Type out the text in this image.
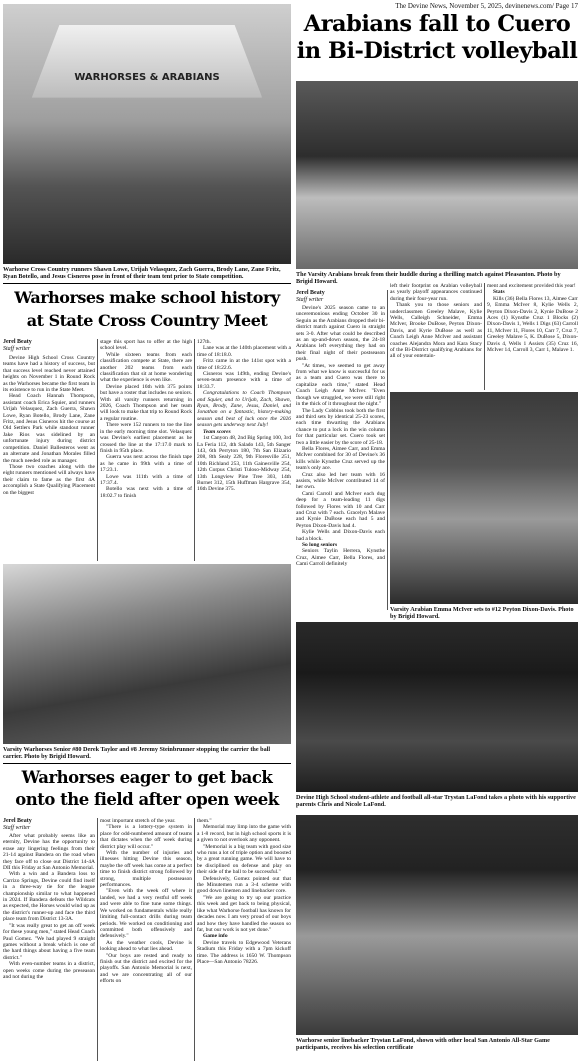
The Devine News, November 5, 2025, devinenews.com/ Page 17
WARHORSES & ARABIANS
Warhorse Cross Country runners Shawn Lowe, Urijah Velasquez, Zach Guerra, Brody Lane, Zane Fritz, Ryan Botello, and Jesus Cisneros pose in front of their team tent prior to State competition.
Arabians fall to Cuero
in Bi-District volleyball
The Varsity Arabians break from their huddle during a thrilling match against Pleasanton. Photo by Brigid Howard.
Jerel Beaty
Staff writer

Devine's 2025 season came to an unceremonious ending October 30 in Seguin as the Arabians dropped their bi-district match against Cuero in straight sets 3-0. After what could be described as an up-and-down season, the 24-18 Arabians left everything they had on their final night of their postseason push.

"At times, we seemed to get away from what we know is successful for us as a team and Cuero was there to capitalize each time," stated Head Coach Leigh Anne McIver. "Even though we struggled, we were still right in the thick of it throughout the night."

The Lady Cobbins took both the first and third sets by identical 25-23 scores, each time thwarting the Arabians chance to put a lock in the win column for that particular set. Cuero took set two a little easier by the score of 25-18.

Bella Flores, Aimee Carr, and Emma McIver combined for 30 of Devine's 36 kills while Kynsthe Cruz served up the team's only ace.

Cruz also led her team with 16 assists, while McIver contributed 14 of her own.

Cami Carroll and McIver each dug deep for a team-leading 11 digs followed by Flores with 10 and Carr and Cruz with 7 each. Gracelyn Malave and Kynie DuBose each had 5 and Peyton Dixon-Davis had 4.

Kylie Wells and Dixon-Davis each had a block.

So long seniors

Seniors Taylin Herrera, Kynsthe Cruz, Aimee Carr, Bella Flores, and Cami Carroll definitely

left their footprint on Arabian volleyball as yearly playoff appearances continued during their four-year run.

Thank you to those seniors and underclassmen Greeley Malave, Kylie Wells, Calleigh Schneider, Emma McIver, Brooke DuBose, Peyton Dixon-Davis, and Kyrie DuBose as well as Coach Leigh Anne McIver and assistant coaches Alejandra Mora and Kara Stacy of the Bi-District qualifying Arabians for all of your entertain-

ment and excitement provided this year!

Stats

Kills (36) Bella Flores 13, Aimee Carr 9, Emma McIver 8, Kylie Wells 2, Peyton Dixon-Davis 2, Kynie DuBose 2 Aces (1) Kynsthe Cruz 1 Blocks (2) Dixon-Davis 1, Wells 1 Digs (63) Carroll 11, McIver 11, Flores 10, Carr 7, Cruz 7, Greeley Malave 5, K. DuBose 5, Dixon-Davis 4, Wells 1 Assists (35) Cruz 16, McIver 14, Carroll 3, Carr 1, Malave 1.

Varsity Arabian Emma McIver sets to #12 Peyton Dixon-Davis. Photo by Brigid Howard.
Warhorses make school history
at State Cross Country Meet
Jerel Beaty
Staff writer

Devine High School Cross Country teams have had a history of success, but that success level reached never attained heights on November 1 in Round Rock as the Warhorses became the first team in its existence to run in the State Meet.

Head Coach Hannah Thompson, assistant coach Erica Squier, and runners Urijah Velasquez, Zach Guerra, Shawn Lowe, Ryan Botello, Brody Lane, Zane Fritz, and Jesus Cisneros hit the course at Old Settlers Park while standout runner Jake Rios was sidelined by an unfortunate injury during district competition. Daniel Ballesteros went as an alternate and Jonathan Morales filled the much needed role as manager.

Those two coaches along with the eight runners mentioned will always have their claim to fame as the first 4A accomplish a State Qualifying Placement on the biggest

stage this sport has to offer at the high school level.

While sixteen teams from each classification compete at State, there are another 202 teams from each classification that sit at home wondering what the experience is even like.

Devine placed 16th with 375 points but have a roster that includes no seniors. With all varsity runners returning in 2026, Coach Thompson and her team will look to make that trip to Round Rock a regular routine.

There were 152 runners to toe the line in the early morning time slot. Velasquez was Devine's earliest placement as he crossed the line at the 17:17.0 mark to finish in 95th place.

Guerra was next across the finish tape as he came in 99th with a time of 17:23.1.

Lowe was 111th with a time of 17:37.4.

Botello was next with a time of 18:02.7 to finish

127th.

Lane was at the 140th placement with a time of 18:18.0.

Fritz came in at the 141st spot with a time of 18:22.6.

Cisneros was 149th, ending Devine's seven-team presence with a time of 18:33.7.

Congratulations to Coach Thompson and Squier, and to Urijah, Zach, Shawn, Ryan, Brody, Zane, Jesus, Daniel, and Jonathan on a fantastic, history-making season and best of luck once the 2026 season gets underway next July!

Team scores

1st Canyon 48, 2nd Big Spring 100, 3rd La Feria 112, 4th Salado 143, 5th Sanger 143, 6th Perryton 180, 7th San Elizario 208, 8th Sealy 228, 9th Floresville 251, 10th Richland 253, 11th Gainesville 254, 12th Corpus Christi Tuloso-Midway 254, 13th Longview Pine Tree 303, 14th Burnet 312, 15th Huffman Hargrave 354, 16th Devine 375.

Varsity Warhorses Senior #80 Derek Taylor and #8 Jeremy Steinbrunner stopping the carrier the ball carrier. Photo by Brigid Howard.
Devine High School student-athlete and football all-star Trystan LaFond takes a photo with his supportive parents Chris and Nicole LaFond.
Warhorses eager to get back
onto the field after open week
Jerel Beaty
Staff writer

After what probably seems like an eternity, Devine has the opportunity to erase any lingering feelings from their 21-14 against Bandera on the road when they face off to close out District 14-4A DII this Friday at San Antonio Memorial.

With a win and a Bandera loss to Carrizo Springs, Devine could find itself in a three-way tie for the league championship similar to what happened in 2024. If Bandera defeats the Wildcats as expected, the Horses would wind up as the district's runner-up and face the third place team from District 13-3A.

"It was really great to get an off week for these young men," stated Head Coach Paul Gomez. "We had played 9 straight games without a break which is one of the hard things about having a five team district."

With even-number teams in a district, open weeks come during the preseason and not during the

most important stretch of the year.

"There is a lottery-type system in place for odd-numbered amount of teams that dictates when the off week during district play will occur."

With the number of injuries and illnesses hitting Devine this season, maybe the off week has come at a perfect time to finish district strong followed by strong, multiple postseason performances.

"Even with the week off where it landed, we had a very restful off week and were able to fine tune some things. We worked on fundamentals while really limiting full-contact drills during team periods. We worked on conditioning and committed both offensively and defensively."

As the weather cools, Devine is looking ahead to what lies ahead.

"Our boys are rested and ready to finish out the district and excited for the playoffs. San Antonio Memorial is next, and we are concentrating all of our efforts on

them."

Memorial may limp into the game with a 1-8 record, but in high school sports it is a given to not overlook any opponent.

"Memorial is a big team with good size who runs a lot of triple option and boosted by a great running game. We will have to be disciplined on defense and play on their side of the ball to be successful."

Defensively, Gomez pointed out that the Minutemen run a 3-4 scheme with good down linemen and linebacker core.

"We are going to try up our practice this week and get back to being physical, like what Warhorse football has known for decades now. I am very proud of our boys and how they have handled the season so far, but our work is not yet done."

Game info

Devine travels to Edgewood Veterans Stadium this Friday with a 7pm kickoff time. The address is 1650 W. Thompson Place—San Antonio 78226.

Warhorse senior linebacker Trystan LaFond, shown with other local San Antonio All-Star Game participants, receives his selection certificate
